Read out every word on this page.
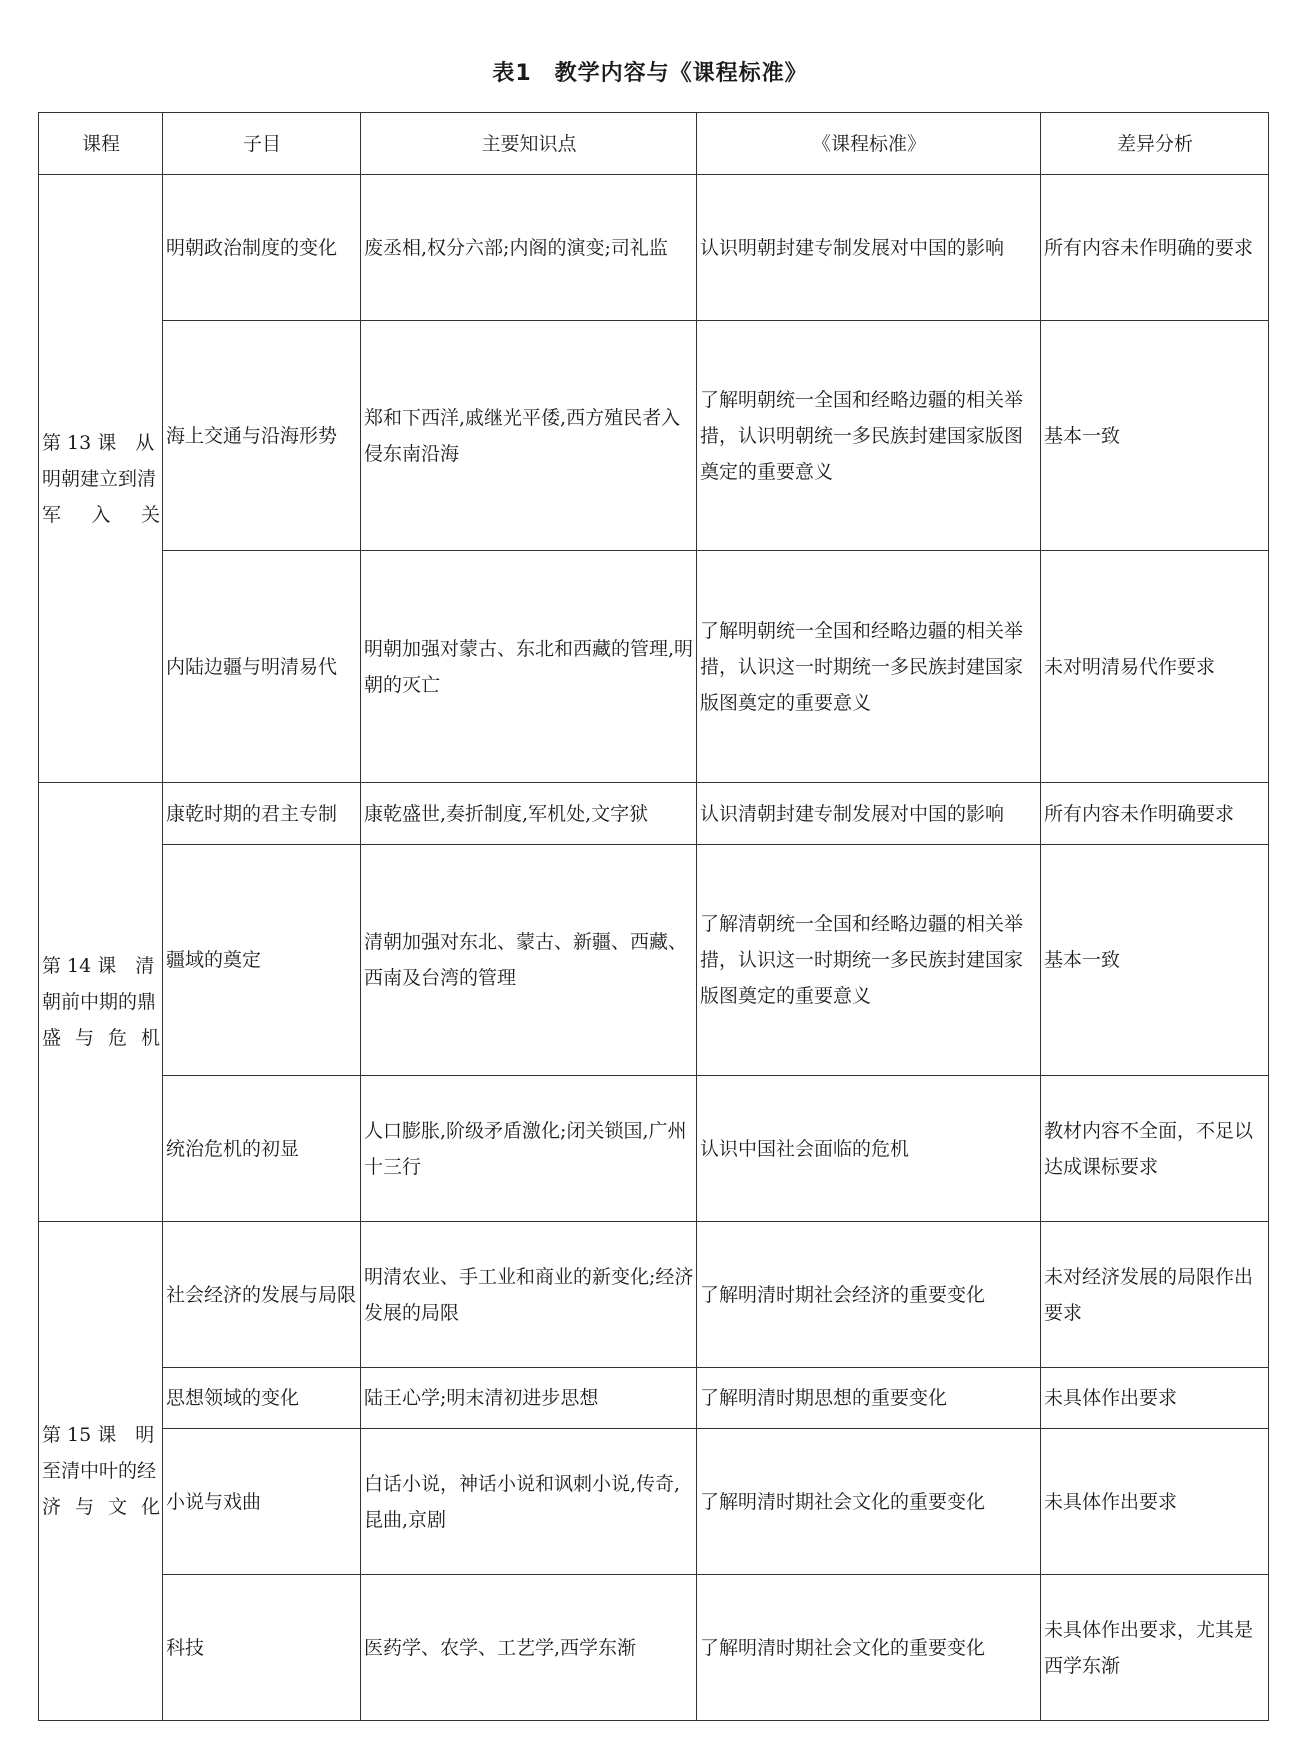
表1　教学内容与《课程标准》
课程	子目	主要知识点	《课程标准》	差异分析
第 13 课　从明朝建立到清军入关	明朝政治制度的变化	废丞相,权分六部;内阁的演变;司礼监	认识明朝封建专制发展对中国的影响	所有内容未作明确的要求
	海上交通与沿海形势	郑和下西洋,戚继光平倭,西方殖民者入侵东南沿海	了解明朝统一全国和经略边疆的相关举措，认识明朝统一多民族封建国家版图奠定的重要意义	基本一致
	内陆边疆与明清易代	明朝加强对蒙古、东北和西藏的管理,明朝的灭亡	了解明朝统一全国和经略边疆的相关举措，认识这一时期统一多民族封建国家版图奠定的重要意义	未对明清易代作要求
第 14 课　清朝前中期的鼎盛与危机	康乾时期的君主专制	康乾盛世,奏折制度,军机处,文字狱	认识清朝封建专制发展对中国的影响	所有内容未作明确要求
	疆域的奠定	清朝加强对东北、蒙古、新疆、西藏、西南及台湾的管理	了解清朝统一全国和经略边疆的相关举措，认识这一时期统一多民族封建国家版图奠定的重要意义	基本一致
	统治危机的初显	人口膨胀,阶级矛盾激化;闭关锁国,广州十三行	认识中国社会面临的危机	教材内容不全面，不足以达成课标要求
第 15 课　明至清中叶的经济与文化	社会经济的发展与局限	明清农业、手工业和商业的新变化;经济发展的局限	了解明清时期社会经济的重要变化	未对经济发展的局限作出要求
	思想领域的变化	陆王心学;明末清初进步思想	了解明清时期思想的重要变化	未具体作出要求
	小说与戏曲	白话小说，神话小说和讽刺小说,传奇,昆曲,京剧	了解明清时期社会文化的重要变化	未具体作出要求
	科技	医药学、农学、工艺学,西学东渐	了解明清时期社会文化的重要变化	未具体作出要求，尤其是西学东渐
